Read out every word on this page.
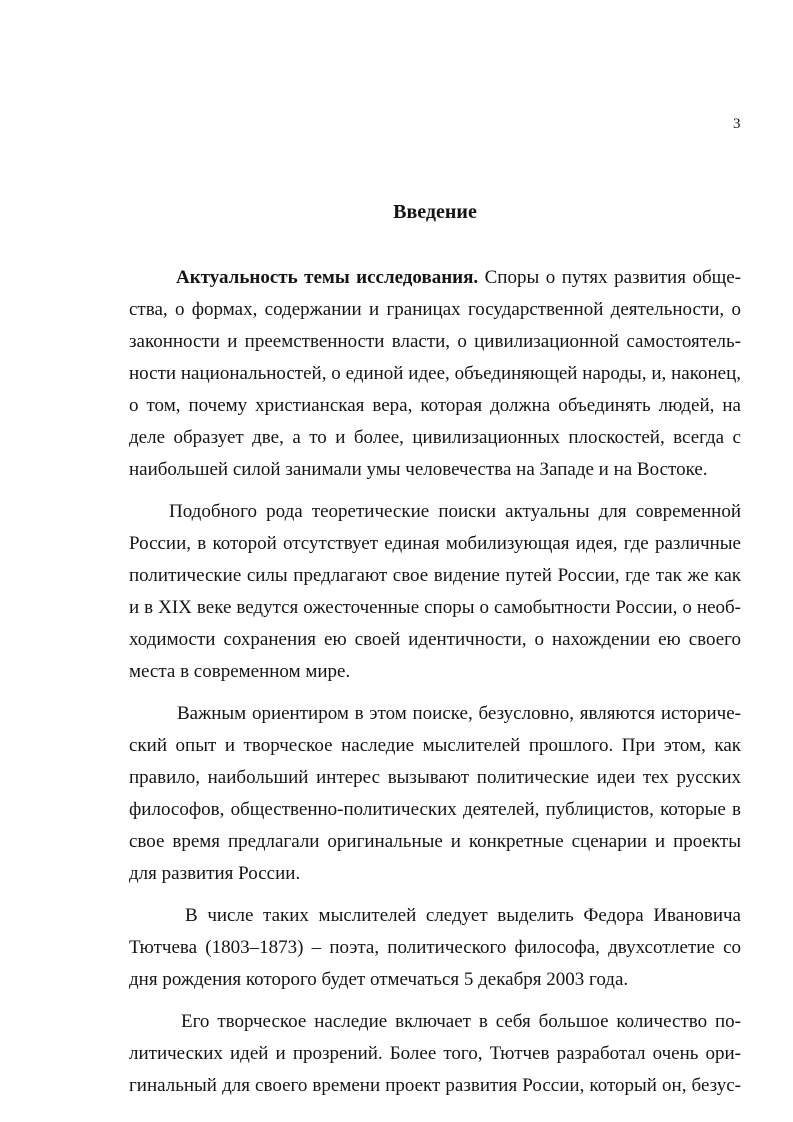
3
Введение

Актуальность темы исследования. Споры о путях развития обще-
ства, о формах, содержании и границах государственной деятельности, о
законности и преемственности власти, о цивилизационной самостоятель-
ности национальностей, о единой идее, объединяющей народы, и, наконец,
о том, почему христианская вера, которая должна объединять людей, на
деле образует две, а то и более, цивилизационных плоскостей, всегда с
наибольшей силой занимали умы человечества на Западе и на Востоке.

Подобного рода теоретические поиски актуальны для современной
России, в которой отсутствует единая мобилизующая идея, где различные
политические силы предлагают свое видение путей России, где так же как
и в XIX веке ведутся ожесточенные споры о самобытности России, о необ-
ходимости сохранения ею своей идентичности, о нахождении ею своего
места в современном мире.

Важным ориентиром в этом поиске, безусловно, являются историче-
ский опыт и творческое наследие мыслителей прошлого. При этом, как
правило, наибольший интерес вызывают политические идеи тех русских
философов, общественно-политических деятелей, публицистов, которые в
свое время предлагали оригинальные и конкретные сценарии и проекты
для развития России.

В числе таких мыслителей следует выделить Федора Ивановича
Тютчева (1803–1873) – поэта, политического философа, двухсотлетие со
дня рождения которого будет отмечаться 5 декабря 2003 года.

Его творческое наследие включает в себя большое количество по-
литических идей и прозрений. Более того, Тютчев разработал очень ори-
гинальный для своего времени проект развития России, который он, безус-
